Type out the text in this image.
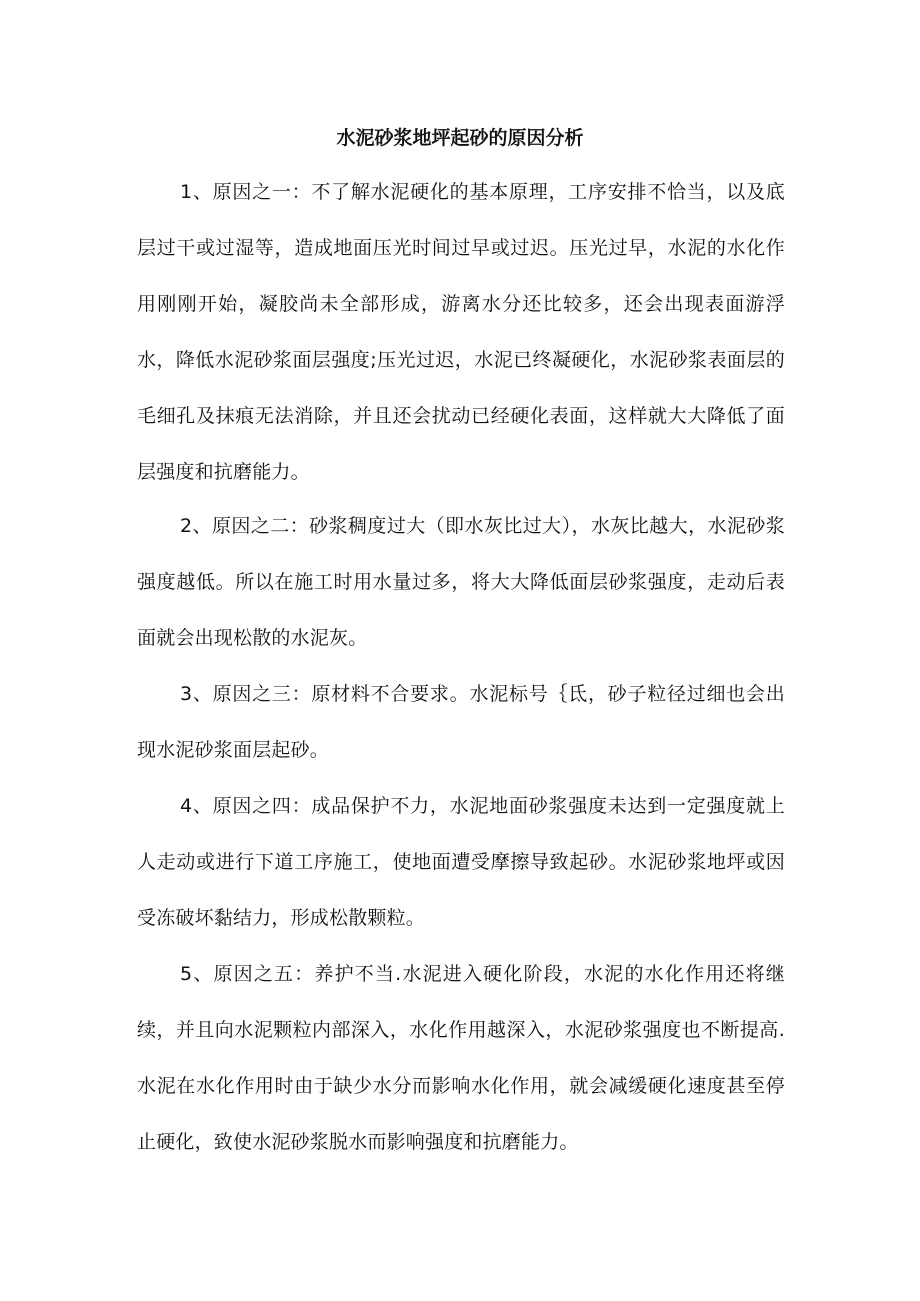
水泥砂浆地坪起砂的原因分析

1、原因之一：不了解水泥硬化的基本原理，工序安排不恰当，以及底层过干或过湿等，造成地面压光时间过早或过迟。压光过早，水泥的水化作用刚刚开始，凝胶尚未全部形成，游离水分还比较多，还会出现表面游浮水，降低水泥砂浆面层强度;压光过迟，水泥已终凝硬化，水泥砂浆表面层的毛细孔及抹痕无法消除，并且还会扰动已经硬化表面，这样就大大降低了面层强度和抗磨能力。

2、原因之二：砂浆稠度过大（即水灰比过大），水灰比越大，水泥砂浆强度越低。所以在施工时用水量过多，将大大降低面层砂浆强度，走动后表面就会出现松散的水泥灰。

3、原因之三：原材料不合要求。水泥标号｛氐，砂子粒径过细也会出现水泥砂浆面层起砂。

4、原因之四：成品保护不力，水泥地面砂浆强度未达到一定强度就上人走动或进行下道工序施工，使地面遭受摩擦导致起砂。水泥砂浆地坪或因受冻破坏黏结力，形成松散颗粒。

5、原因之五：养护不当.水泥进入硬化阶段，水泥的水化作用还将继续，并且向水泥颗粒内部深入，水化作用越深入，水泥砂浆强度也不断提高.水泥在水化作用时由于缺少水分而影响水化作用，就会减缓硬化速度甚至停止硬化，致使水泥砂浆脱水而影响强度和抗磨能力。
